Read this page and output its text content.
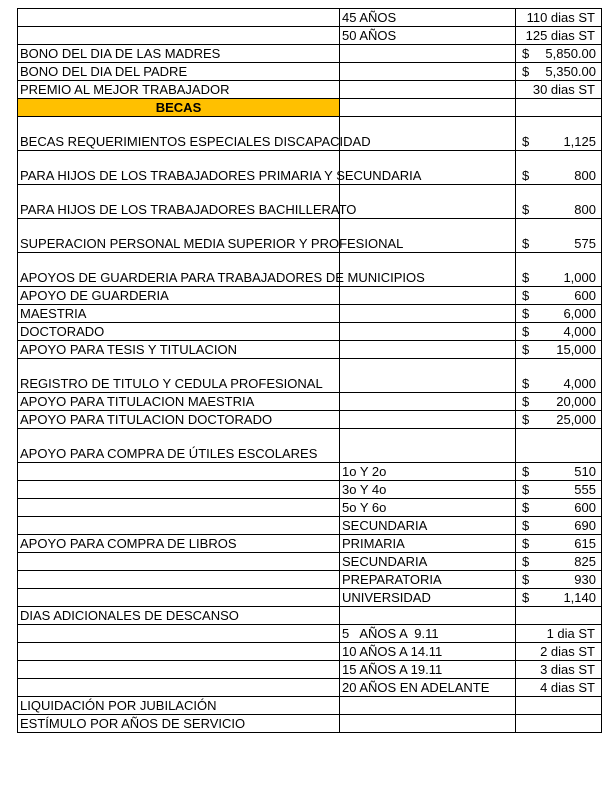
	45 AÑOS	110 dias ST

	50 AÑOS	125 dias ST

BONO DEL DIA DE LAS MADRES		$ 5,850.00

BONO DEL DIA DEL PADRE		$ 5,350.00

PREMIO AL MEJOR TRABAJADOR		30 dias ST

BECAS		
BECAS REQUERIMIENTOS ESPECIALES DISCAPACIDAD		$ 1,125

PARA HIJOS DE LOS TRABAJADORES PRIMARIA Y SECUNDARIA		$ 800

PARA HIJOS DE LOS TRABAJADORES BACHILLERATO		$ 800

SUPERACION PERSONAL MEDIA SUPERIOR Y PROFESIONAL		$ 575

APOYOS DE GUARDERIA PARA TRABAJADORES DE MUNICIPIOS		$ 1,000

APOYO DE GUARDERIA		$ 600

MAESTRIA		$ 6,000

DOCTORADO		$ 4,000

APOYO PARA TESIS Y TITULACION		$ 15,000

REGISTRO DE TITULO Y CEDULA PROFESIONAL		$ 4,000

APOYO PARA TITULACION MAESTRIA		$ 20,000

APOYO PARA TITULACION DOCTORADO		$ 25,000

APOYO PARA COMPRA DE ÚTILES ESCOLARES		
	1o Y 2o	$ 510

	3o Y 4o	$ 555

	5o Y 6o	$ 600

	SECUNDARIA	$ 690

APOYO PARA COMPRA DE LIBROS	PRIMARIA	$ 615

	SECUNDARIA	$ 825

	PREPARATORIA	$ 930

	UNIVERSIDAD	$ 1,140

DIAS ADICIONALES DE DESCANSO		
	5   AÑOS A  9.11	1 dia ST

	10 AÑOS A 14.11	2 dias ST

	15 AÑOS A 19.11	3 dias ST

	20 AÑOS EN ADELANTE	4 dias ST

LIQUIDACIÓN POR JUBILACIÓN		
ESTÍMULO POR AÑOS DE SERVICIO		
